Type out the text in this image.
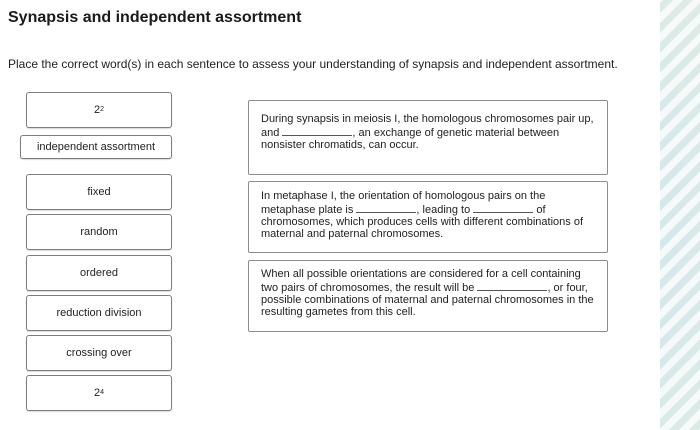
Synapsis and independent assortment
Place the correct word(s) in each sentence to assess your understanding of synapsis and independent assortment.
2 2
independent assortment
fixed
random
ordered
reduction division
crossing over
2 4
During synapsis in meiosis I, the homologous chromosomes pair up, and	, an exchange of genetic material between nonsister chromatids, can occur.
In metaphase I, the orientation of homologous pairs on the metaphase plate is	, leading to	of chromosomes, which produces cells with different combinations of maternal and paternal chromosomes.
When all possible orientations are considered for a cell containing two pairs of chromosomes, the result will be	, or four, possible combinations of maternal and paternal chromosomes in the resulting gametes from this cell.
